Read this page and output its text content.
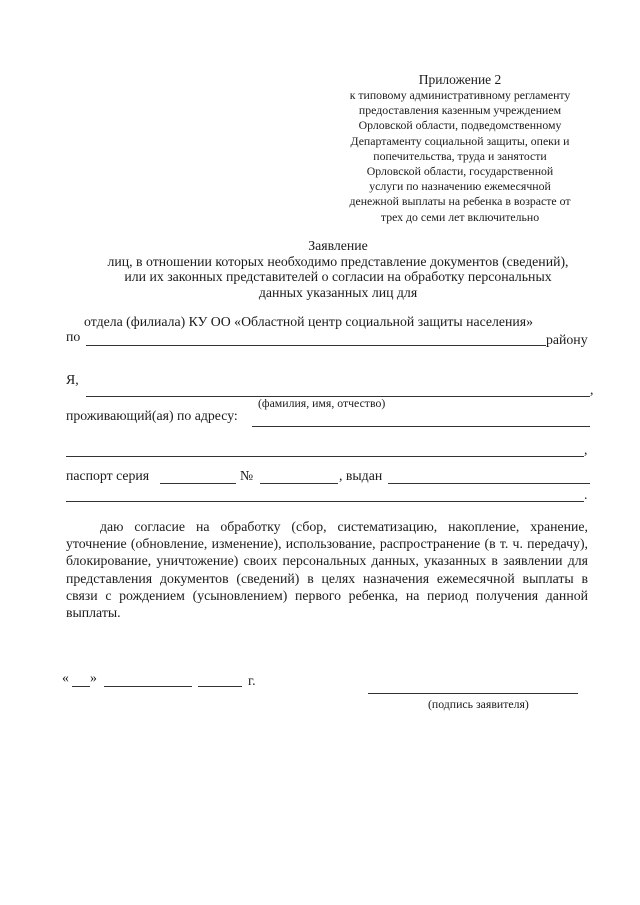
Приложение 2
к типовому административному регламенту
предоставления казенным учреждением
Орловской области, подведомственному
Департаменту социальной защиты, опеки и
попечительства, труда и занятости
Орловской области, государственной
услуги по назначению ежемесячной
денежной выплаты на ребенка в возрасте от
трех до семи лет включительно
Заявление
лиц, в отношении которых необходимо представление документов (сведений),
или их законных представителей о согласии на обработку персональных
данных указанных лиц для
отдела (филиала) КУ ОО «Областной центр социальной защиты населения»
по	району
Я,
,
(фамилия, имя, отчество)
проживающий(ая) по адресу:
,
паспорт серия	№	, выдан
.
даю согласие на обработку (сбор, систематизацию, накопление, хранение, уточнение (обновление, изменение), использование, распространение (в т. ч. передачу), блокирование, уничтожение) своих персональных данных, указанных в заявлении для представления документов (сведений) в целях назначения ежемесячной выплаты в связи с рождением (усыновлением) первого ребенка, на период получения данной выплаты.
« »	г.
(подпись заявителя)
